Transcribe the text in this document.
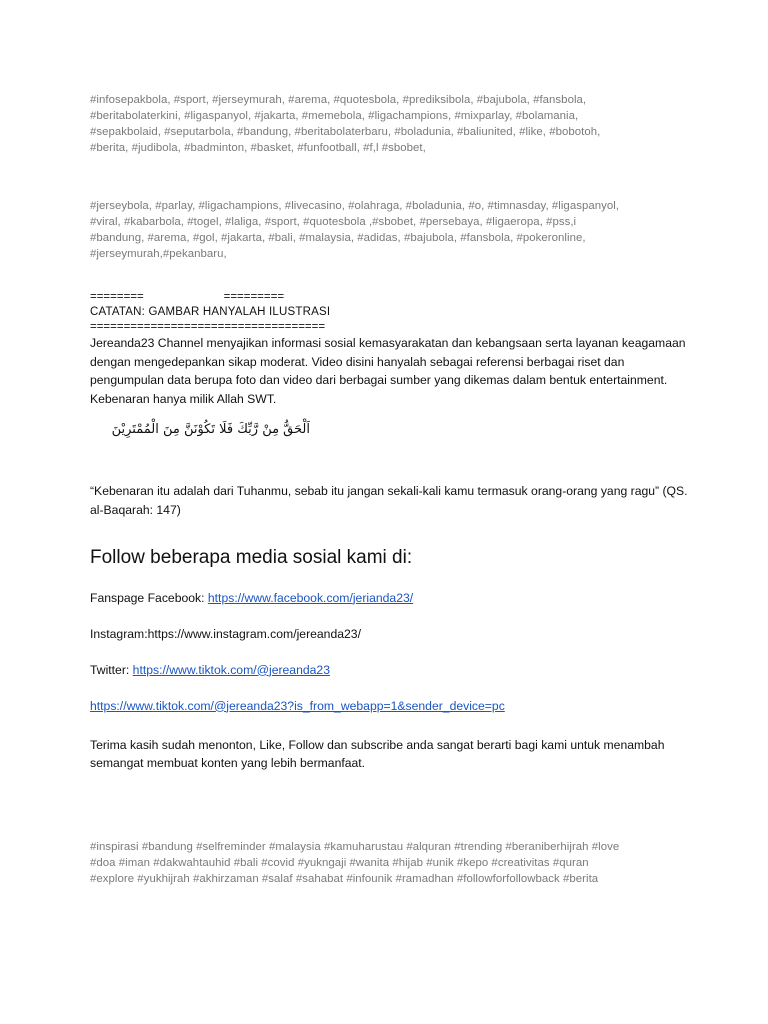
#infosepakbola, #sport, #jerseymurah, #arema, #quotesbola, #prediksibola, #bajubola, #fansbola,
#beritabolaterkini, #ligaspanyol, #jakarta, #memebola, #ligachampions, #mixparlay, #bolamania,
#sepakbolaid, #seputarbola, #bandung, #beritabolaterbaru, #boladunia, #baliunited, #like, #bobotoh,
#berita, #judibola, #badminton, #basket, #funfootball, #f,l #sbobet,
#jerseybola, #parlay, #ligachampions, #livecasino, #olahraga, #boladunia, #o, #timnasday, #ligaspanyol,
#viral, #kabarbola, #togel, #laliga, #sport, #quotesbola ,#sbobet, #persebaya, #ligaeropa, #pss,i
#bandung, #arema, #gol, #jakarta, #bali, #malaysia, #adidas, #bajubola, #fansbola, #pokeronline,
#jerseymurah,#pekanbaru,
========                         =========
CATATAN: GAMBAR HANYALAH ILUSTRASI
===================================

Jereanda23 Channel menyajikan informasi sosial kemasyarakatan dan kebangsaan serta layanan keagamaan dengan mengedepankan sikap moderat. Video disini hanyalah sebagai referensi berbagai riset dan pengumpulan data berupa foto dan video dari berbagai sumber yang dikemas dalam bentuk entertainment. Kebenaran hanya milik Allah SWT.

اَلْحَقُّ مِنْ رَّبِّكَ فَلَا تَكُوْنَنَّ مِنَ الْمُمْتَرِيْنَ

“Kebenaran itu adalah dari Tuhanmu, sebab itu jangan sekali-kali kamu termasuk orang-orang yang ragu” (QS. al-Baqarah: 147)

Follow beberapa media sosial kami di:
Fanspage Facebook: https://www.facebook.com/jerianda23/
Instagram:https://www.instagram.com/jereanda23/
Twitter: https://www.tiktok.com/@jereanda23
https://www.tiktok.com/@jereanda23?is_from_webapp=1&sender_device=pc

Terima kasih sudah menonton, Like, Follow dan subscribe anda sangat berarti bagi kami untuk menambah semangat membuat konten yang lebih bermanfaat.

#inspirasi #bandung #selfreminder #malaysia #kamuharustau #alquran #trending #beraniberhijrah #love
#doa #iman #dakwahtauhid #bali #covid #yukngaji #wanita #hijab #unik #kepo #creativitas #quran
#explore #yukhijrah #akhirzaman #salaf #sahabat #infounik #ramadhan #followforfollowback #berita
